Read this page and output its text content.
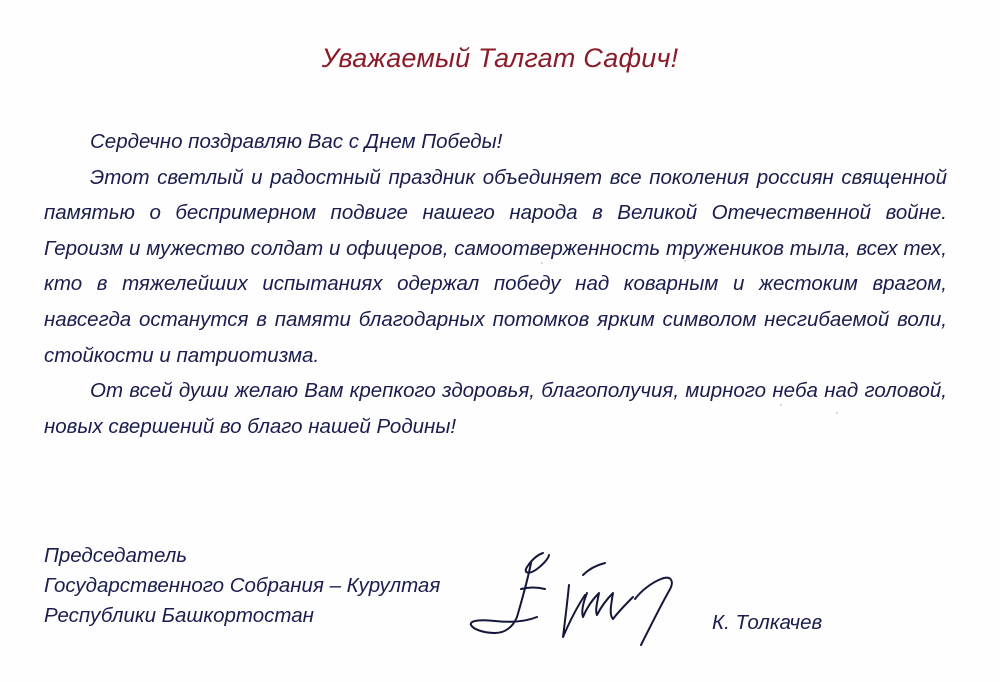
Уважаемый Талгат Сафич!

Сердечно поздравляю Вас с Днем Победы!

Этот светлый и радостный праздник объединяет все поколения россиян священной памятью о беспримерном подвиге нашего народа в Великой Отечественной войне. Героизм и мужество солдат и офицеров, самоотверженность тружеников тыла, всех тех, кто в тяжелейших испытаниях одержал победу над коварным и жестоким врагом, навсегда останутся в памяти благодарных потомков ярким символом несгибаемой воли, стойкости и патриотизма.

От всей души желаю Вам крепкого здоровья, благополучия, мирного неба над головой, новых свершений во благо нашей Родины!

Председатель
Государственного Собрания – Курултая
Республики Башкортостан	К. Толкачев
